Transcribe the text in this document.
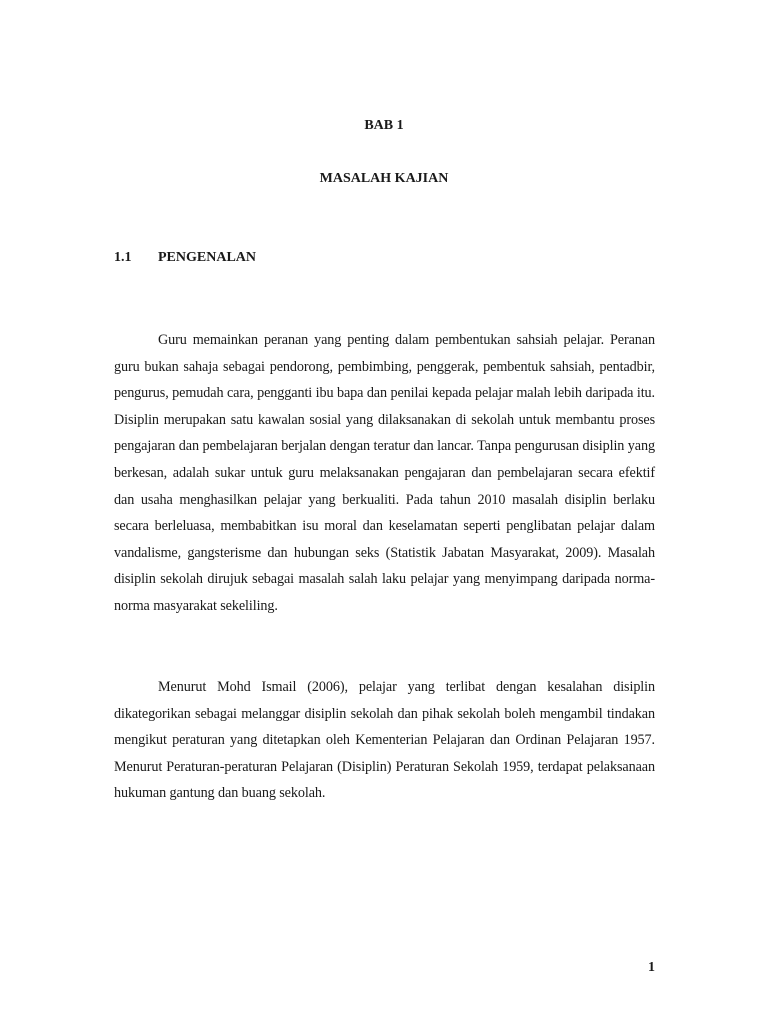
BAB 1

MASALAH KAJIAN

1.1 PENGENALAN

Guru memainkan peranan yang penting dalam pembentukan sahsiah pelajar. Peranan guru bukan sahaja sebagai pendorong, pembimbing, penggerak, pembentuk sahsiah, pentadbir, pengurus, pemudah cara, pengganti ibu bapa dan penilai kepada pelajar malah lebih daripada itu. Disiplin merupakan satu kawalan sosial yang dilaksanakan di sekolah untuk membantu proses pengajaran dan pembelajaran berjalan dengan teratur dan lancar. Tanpa pengurusan disiplin yang berkesan, adalah sukar untuk guru melaksanakan pengajaran dan pembelajaran secara efektif dan usaha menghasilkan pelajar yang berkualiti. Pada tahun 2010 masalah disiplin berlaku secara berleluasa, membabitkan isu moral dan keselamatan seperti penglibatan pelajar dalam vandalisme, gangsterisme dan hubungan seks (Statistik Jabatan Masyarakat, 2009). Masalah disiplin sekolah dirujuk sebagai masalah salah laku pelajar yang menyimpang daripada norma-norma masyarakat sekeliling.

Menurut Mohd Ismail (2006), pelajar yang terlibat dengan kesalahan disiplin dikategorikan sebagai melanggar disiplin sekolah dan pihak sekolah boleh mengambil tindakan mengikut peraturan yang ditetapkan oleh Kementerian Pelajaran dan Ordinan Pelajaran 1957. Menurut Peraturan-peraturan Pelajaran (Disiplin) Peraturan Sekolah 1959, terdapat pelaksanaan hukuman gantung dan buang sekolah.

1
